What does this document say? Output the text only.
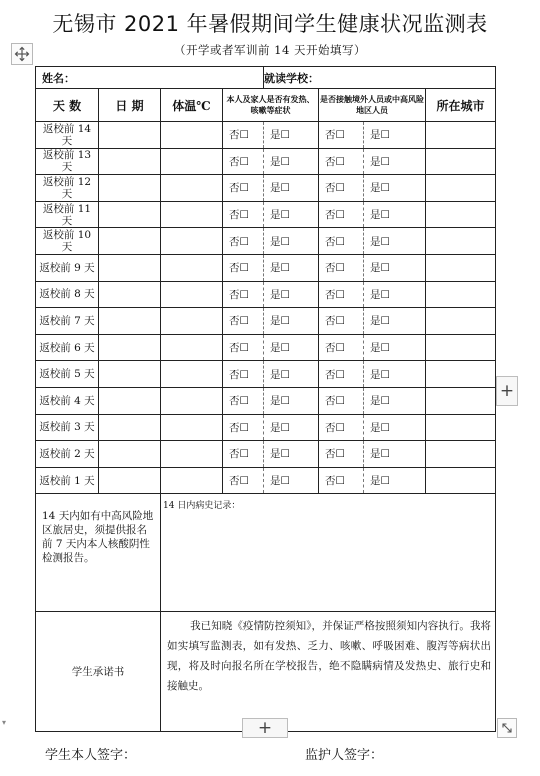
无锡市 2021 年暑假期间学生健康状况监测表
（开学或者军训前 14 天开始填写）
姓名：				就读学校：			
天 数	日 期	体温℃	本人及家人是否有发热、咳嗽等症状		是否接触境外人员或中高风险地区人员		所在城市
返校前 14 天			否☐	是☐	否☐	是☐	
返校前 13 天			否☐	是☐	否☐	是☐	
返校前 12 天			否☐	是☐	否☐	是☐	
返校前 11 天			否☐	是☐	否☐	是☐	
返校前 10 天			否☐	是☐	否☐	是☐	
返校前 9 天			否☐	是☐	否☐	是☐	
返校前 8 天			否☐	是☐	否☐	是☐	
返校前 7 天			否☐	是☐	否☐	是☐	
返校前 6 天			否☐	是☐	否☐	是☐	
返校前 5 天			否☐	是☐	否☐	是☐	
返校前 4 天			否☐	是☐	否☐	是☐	
返校前 3 天			否☐	是☐	否☐	是☐	
返校前 2 天			否☐	是☐	否☐	是☐	
返校前 1 天			否☐	是☐	否☐	是☐	
14 天内如有中高风险地区旅居史，须提供报名前 7 天内本人核酸阴性检测报告。		14 日内病史记录：					
学生承诺书		我已知晓《疫情防控须知》，并保证严格按照须知内容执行。我将如实填写监测表，如有发热、乏力、咳嗽、呼吸困难、腹泻等病状出现，将及时向报名所在学校报告，绝不隐瞒病情及发热史、旅行史和接触史。					

+
+
▾
学生本人签字：	监护人签字：
